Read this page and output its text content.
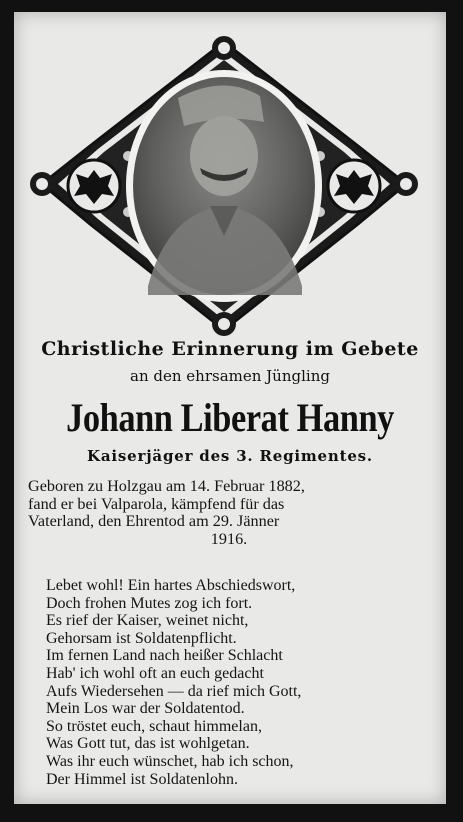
Christliche Erinnerung im Gebete
an den ehrsamen Jüngling
Johann Liberat Hanny
Kaiserjäger des 3. Regimentes.
Geboren zu Holzgau am 14. Februar 1882,
fand er bei Valparola, kämpfend für das
Vaterland, den Ehrentod am 29. Jänner
1916.
Lebet wohl! Ein hartes Abschiedswort,
Doch frohen Mutes zog ich fort.
Es rief der Kaiser, weinet nicht,
Gehorsam ist Soldatenpflicht.
Im fernen Land nach heißer Schlacht
Hab' ich wohl oft an euch gedacht
Aufs Wiedersehen — da rief mich Gott,
Mein Los war der Soldatentod.
So tröstet euch, schaut himmelan,
Was Gott tut, das ist wohlgetan.
Was ihr euch wünschet, hab ich schon,
Der Himmel ist Soldatenlohn.
